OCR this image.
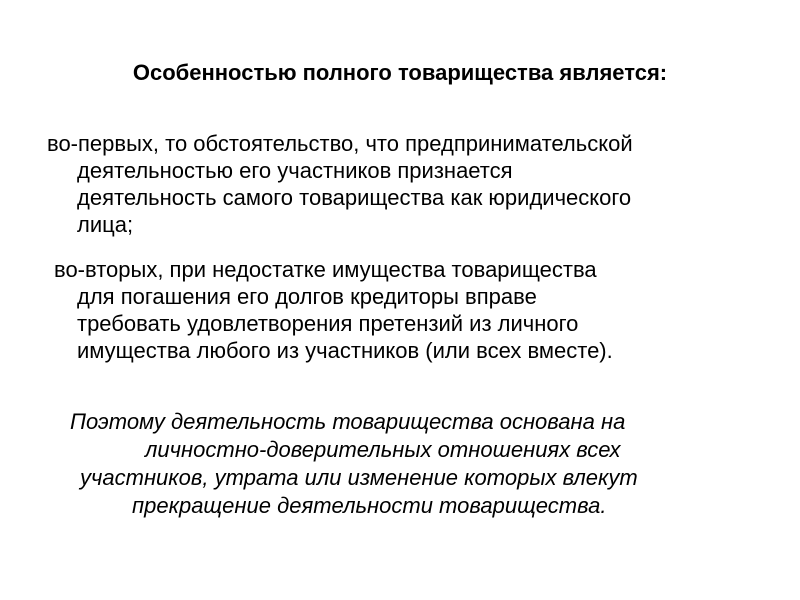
Особенностью полного товарищества является:
во-первых, то обстоятельство, что предпринимательской
деятельностью его участников признается
деятельность самого товарищества как юридического
лица;
во-вторых, при недостатке имущества товарищества
для погашения его долгов кредиторы вправе
требовать удовлетворения претензий из личного
имущества любого из участников (или всех вместе).
Поэтому деятельность товарищества основана на
личностно-доверительных отношениях всех
участников, утрата или изменение которых влекут
прекращение деятельности товарищества.
